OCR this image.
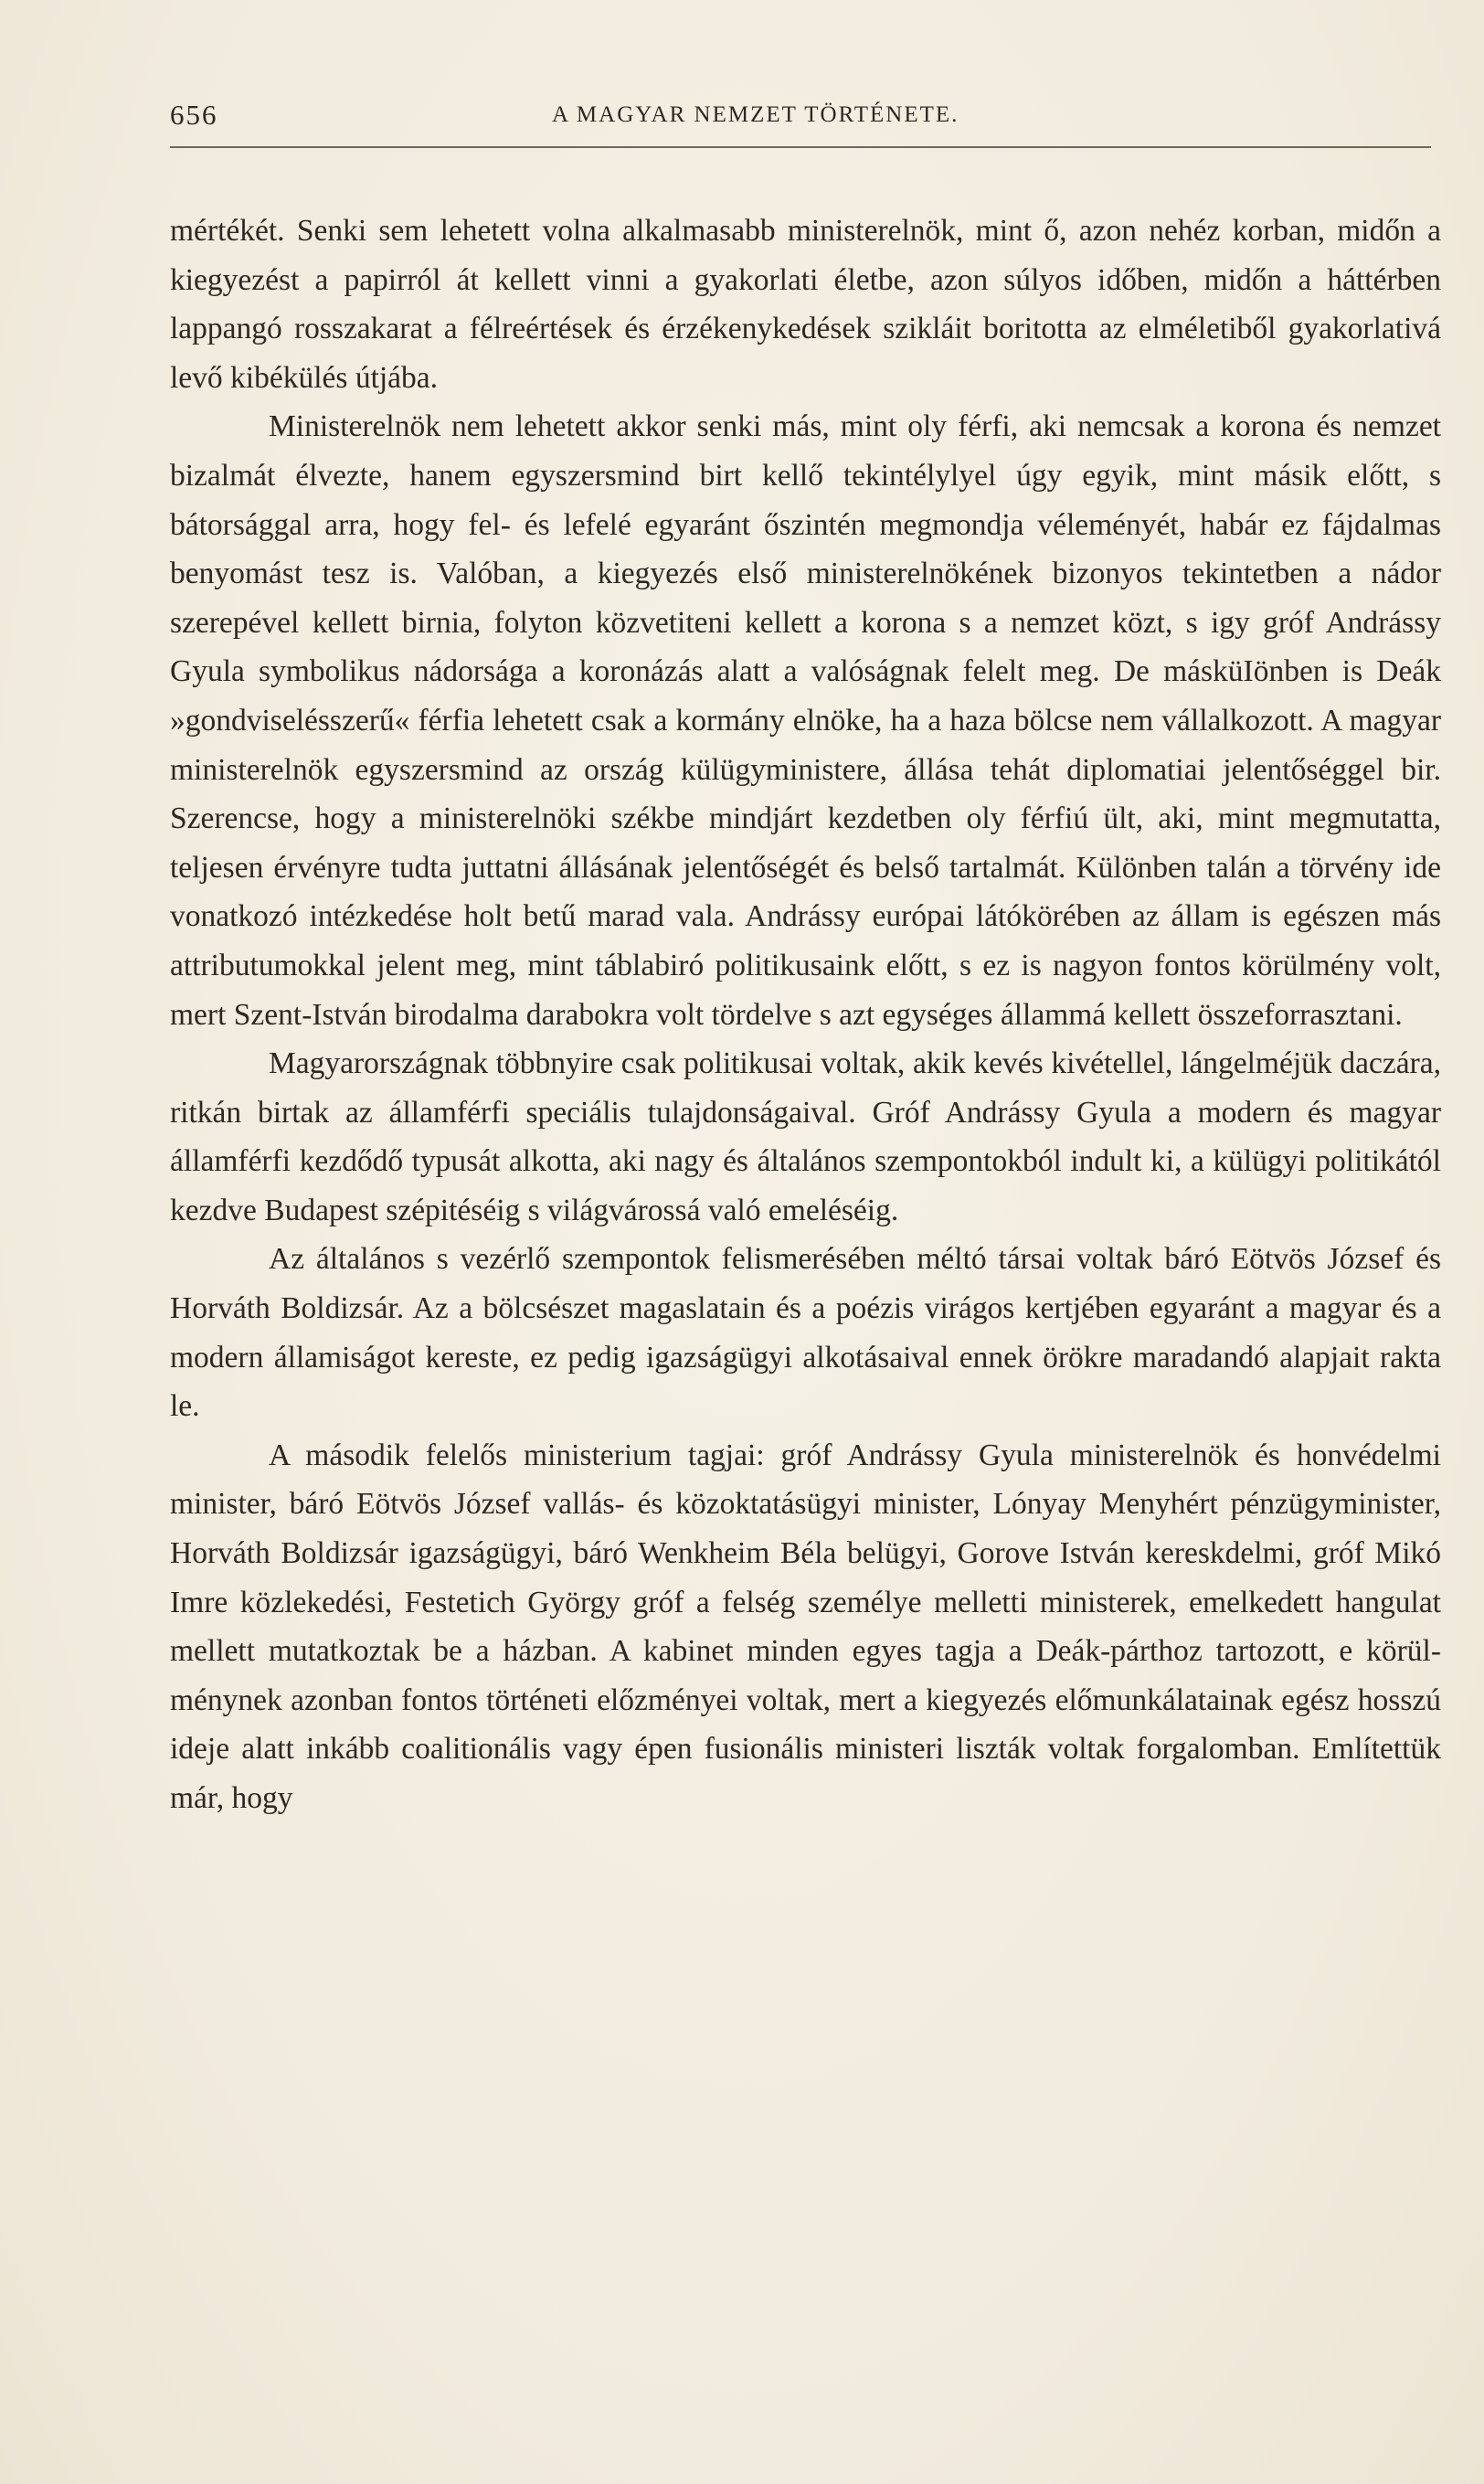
656	A MAGYAR NEMZET TÖRTÉNETE.

mértékét. Senki sem lehetett volna alkalmasabb ministerelnök, mint ő, azon nehéz korban, midőn a kiegyezést a papirról át kellett vinni a gyakorlati életbe, azon súlyos időben, midőn a háttérben lappangó rosszakarat a félreértések és érzékenykedések szikláit boritotta az elméletiből gyakorlativá levő kibékülés útjába.

Ministerelnök nem lehetett akkor senki más, mint oly férfi, aki nemcsak a korona és nemzet bizalmát élvezte, hanem egyszersmind birt kellő tekintélylyel úgy egyik, mint másik előtt, s bátorsággal arra, hogy fel- és lefelé egyaránt őszintén megmondja véleményét, habár ez fájdalmas benyomást tesz is. Valóban, a kiegyezés első ministerelnökének bizonyos tekintetben a nádor szerepével kellett birnia, folyton közvetiteni kellett a korona s a nemzet közt, s igy gróf Andrássy Gyula symbolikus nádorsága a koronázás alatt a valóságnak felelt meg. De másküIönben is Deák »gondviselésszerű« férfia lehetett csak a kormány elnöke, ha a haza bölcse nem vállalkozott. A magyar ministerelnök egyszersmind az ország külügyministere, állása tehát diplomatiai jelentőséggel bir. Szerencse, hogy a ministerelnöki székbe mindjárt kezdetben oly férfiú ült, aki, mint megmutatta, teljesen érvényre tudta juttatni állásának jelentőségét és belső tartalmát. Különben talán a törvény ide vonatkozó intézkedése holt betű marad vala. Andrássy európai látókörében az állam is egészen más attributumokkal jelent meg, mint táblabiró politikusaink előtt, s ez is nagyon fontos körülmény volt, mert Szent-István birodalma darabokra volt tördelve s azt egységes állammá kellett összeforrasztani.

Magyarországnak többnyire csak politikusai voltak, akik kevés kivétellel, lángelméjük daczára, ritkán birtak az államférfi speciális tulajdonságaival. Gróf Andrássy Gyula a modern és magyar államférfi kezdődő typusát alkotta, aki nagy és általános szempontokból indult ki, a külügyi politikától kezdve Budapest szépitéséig s világvárossá való emeléséig.

Az általános s vezérlő szempontok felismerésében méltó társai voltak báró Eötvös József és Horváth Boldizsár. Az a bölcsészet magaslatain és a poézis virágos kertjében egyaránt a magyar és a modern államiságot kereste, ez pedig igazságügyi alkotásaival ennek örökre maradandó alapjait rakta le.

A második felelős ministerium tagjai: gróf Andrássy Gyula ministerelnök és honvédelmi minister, báró Eötvös József vallás- és közoktatásügyi minister, Lónyay Menyhért pénzügyminister, Horváth Boldizsár igazságügyi, báró Wenkheim Béla belügyi, Gorove István kereskdelmi, gróf Mikó Imre közlekedési, Festetich György gróf a felség személye melletti ministerek, emelkedett hangulat mellett mutatkoztak be a házban. A kabinet minden egyes tagja a Deák-párthoz tartozott, e körülménynek azonban fontos történeti előzményei voltak, mert a kiegyezés előmunkálatainak egész hosszú ideje alatt inkább coalitionális vagy épen fusionális ministeri liszták voltak forgalomban. Említettük már, hogy
